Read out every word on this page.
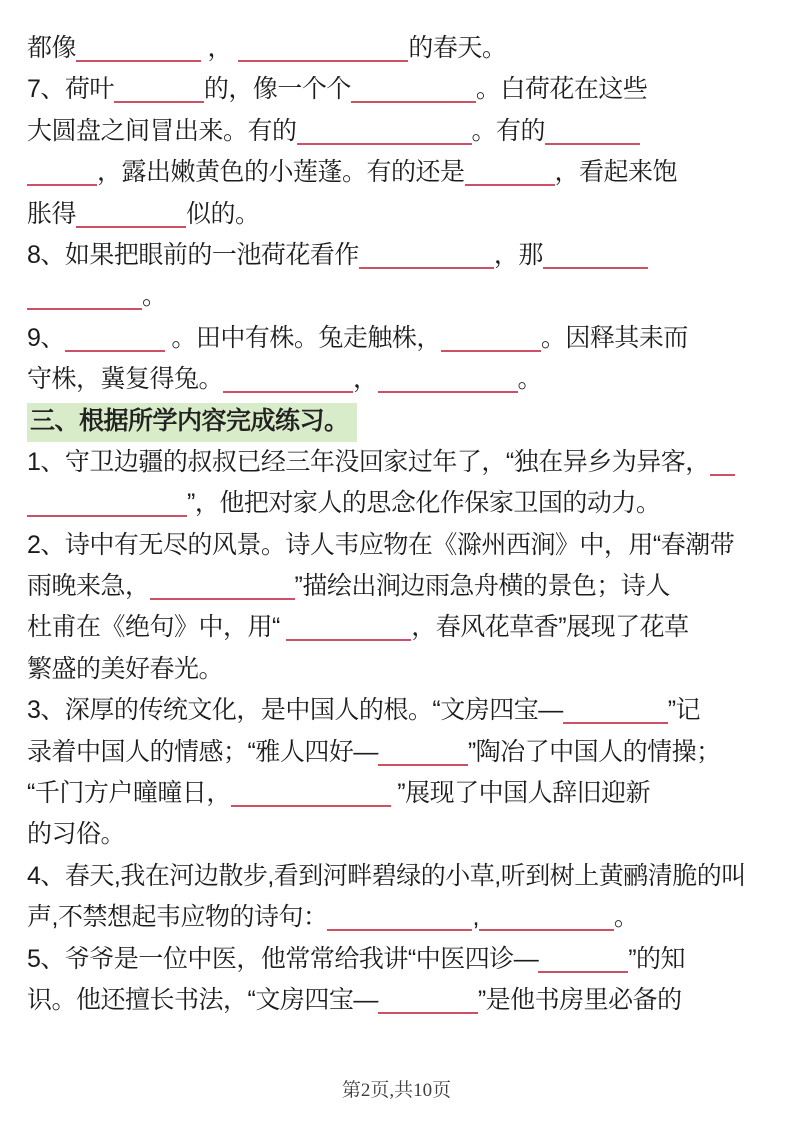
都像	，	的春天。
7、荷叶	的，像一个个	。白荷花在这些
大圆盘之间冒出来。有的	。有的
，露出嫩黄色的小莲蓬。有的还是	，看起来饱
胀得	似的。
8、如果把眼前的一池荷花看作	，那
。
9、	。田中有株。兔走触株，	。因释其耒而
守株，冀复得兔。	，	。
三、根据所学内容完成练习。
1、守卫边疆的叔叔已经三年没回家过年了，“独在异乡为异客，
”，他把对家人的思念化作保家卫国的动力。
2、诗中有无尽的风景。诗人韦应物在《滁州西涧》中，用“春潮带
雨晚来急，	”描绘出涧边雨急舟横的景色；诗人
杜甫在《绝句》中，用“	，春风花草香”展现了花草
繁盛的美好春光。
3、深厚的传统文化，是中国人的根。“文房四宝—	”记
录着中国人的情感；“雅人四好—	”陶冶了中国人的情操；
“千门方户曈曈日，	”展现了中国人辞旧迎新
的习俗。
4、春天,我在河边散步,看到河畔碧绿的小草,听到树上黄鹂清脆的叫
声,不禁想起韦应物的诗句：	,	。
5、爷爷是一位中医，他常常给我讲“中医四诊—	”的知
识。他还擅长书法，“文房四宝—	”是他书房里必备的
第2页,共10页
